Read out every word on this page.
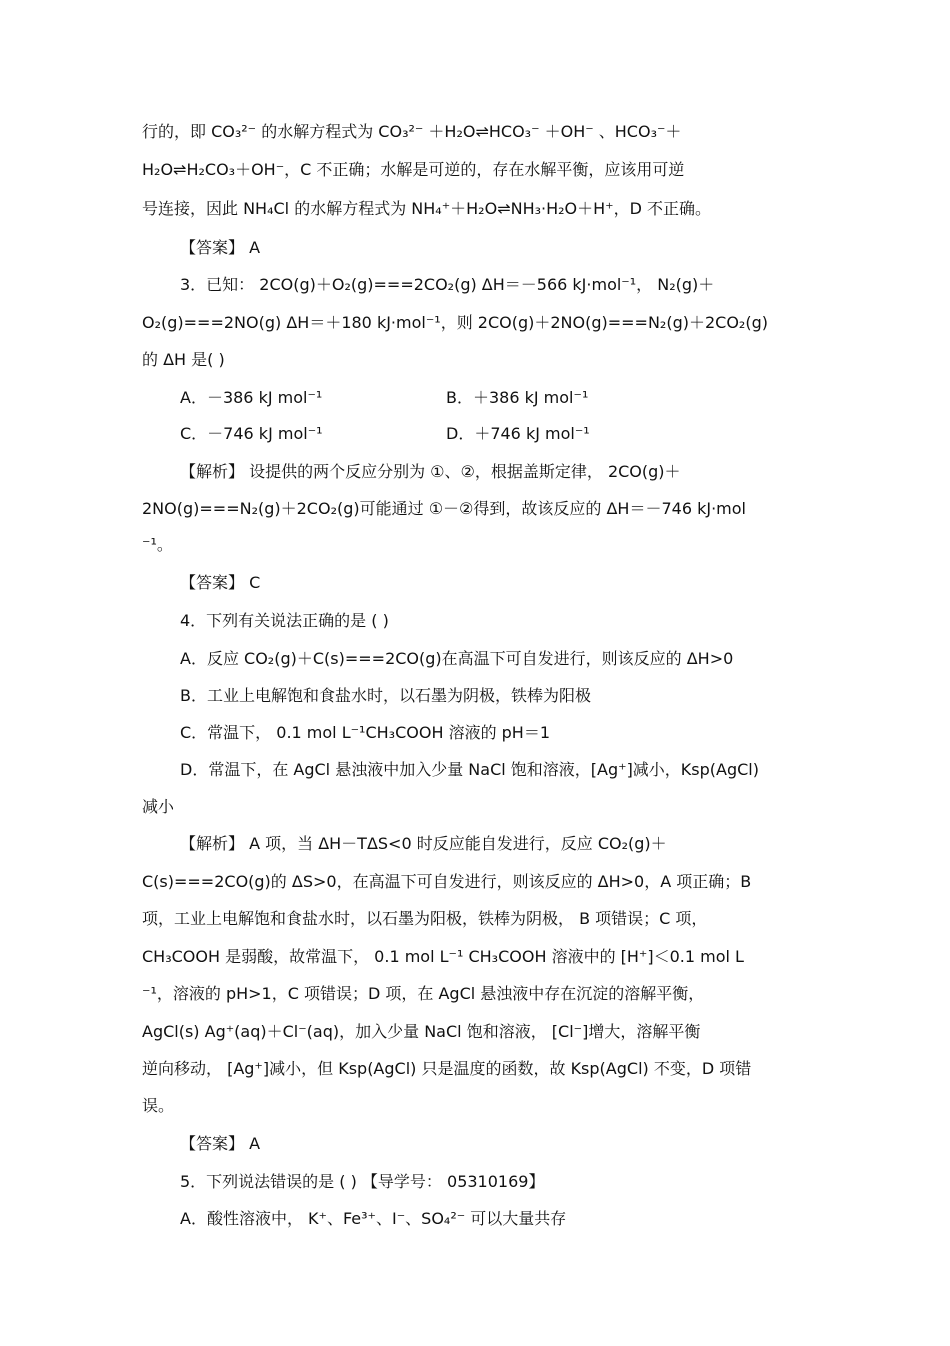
行的，即 CO₃²⁻ 的水解方程式为 CO₃²⁻ ＋H₂O⇌HCO₃⁻ ＋OH⁻ 、HCO₃⁻＋
H₂O⇌H₂CO₃＋OH⁻，C 不正确；水解是可逆的，存在水解平衡，应该用可逆
号连接，因此 NH₄Cl 的水解方程式为 NH₄⁺＋H₂O⇌NH₃·H₂O＋H⁺，D 不正确。
【答案】 A
3．已知： 2CO(g)＋O₂(g)===2CO₂(g) ΔH＝－566 kJ·mol⁻¹， N₂(g)＋
O₂(g)===2NO(g) ΔH＝＋180 kJ·mol⁻¹，则 2CO(g)＋2NO(g)===N₂(g)＋2CO₂(g)
的 ΔH 是( )
A．－386 kJ mol⁻¹	B．＋386 kJ mol⁻¹
C．－746 kJ mol⁻¹	D．＋746 kJ mol⁻¹
【解析】 设提供的两个反应分别为 ①、②，根据盖斯定律， 2CO(g)＋
2NO(g)===N₂(g)＋2CO₂(g)可能通过 ①－②得到，故该反应的 ΔH＝－746 kJ·mol
⁻¹。
【答案】 C
4．下列有关说法正确的是 ( )
A．反应 CO₂(g)＋C(s)===2CO(g)在高温下可自发进行，则该反应的 ΔH>0
B．工业上电解饱和食盐水时，以石墨为阴极，铁棒为阳极
C．常温下， 0.1 mol L⁻¹CH₃COOH 溶液的 pH＝1
D．常温下，在 AgCl 悬浊液中加入少量 NaCl 饱和溶液，[Ag⁺]减小，Ksp(AgCl)
减小
【解析】 A 项，当 ΔH－TΔS<0 时反应能自发进行，反应 CO₂(g)＋
C(s)===2CO(g)的 ΔS>0，在高温下可自发进行，则该反应的 ΔH>0，A 项正确；B
项，工业上电解饱和食盐水时，以石墨为阳极，铁棒为阴极， B 项错误；C 项，
CH₃COOH 是弱酸，故常温下， 0.1 mol L⁻¹ CH₃COOH 溶液中的 [H⁺]＜0.1 mol L
⁻¹，溶液的 pH>1，C 项错误；D 项，在 AgCl 悬浊液中存在沉淀的溶解平衡，
AgCl(s) Ag⁺(aq)＋Cl⁻(aq)，加入少量 NaCl 饱和溶液， [Cl⁻]增大，溶解平衡
逆向移动， [Ag⁺]减小，但 Ksp(AgCl) 只是温度的函数，故 Ksp(AgCl) 不变，D 项错
误。
【答案】 A
5．下列说法错误的是 ( ) 【导学号： 05310169】
A．酸性溶液中， K⁺、Fe³⁺、I⁻、SO₄²⁻ 可以大量共存
